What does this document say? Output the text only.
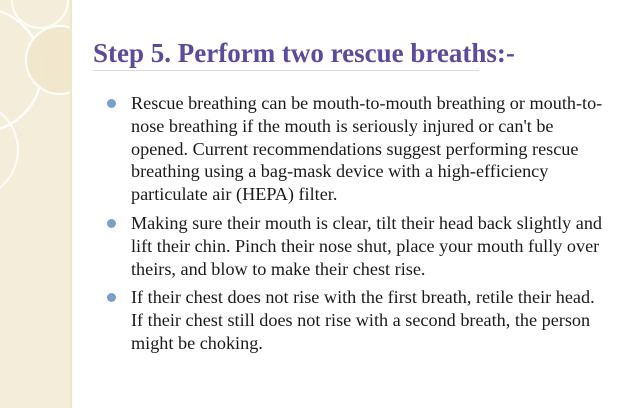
Step 5. Perform two rescue breaths:-
Rescue breathing can be mouth-to-mouth breathing or mouth-to-nose breathing if the mouth is seriously injured or can't be opened. Current recommendations suggest performing rescue breathing using a bag-mask device with a high-efficiency particulate air (HEPA) filter.
Making sure their mouth is clear, tilt their head back slightly and lift their chin. Pinch their nose shut, place your mouth fully over theirs, and blow to make their chest rise.
If their chest does not rise with the first breath, retile their head. If their chest still does not rise with a second breath, the person might be choking.
